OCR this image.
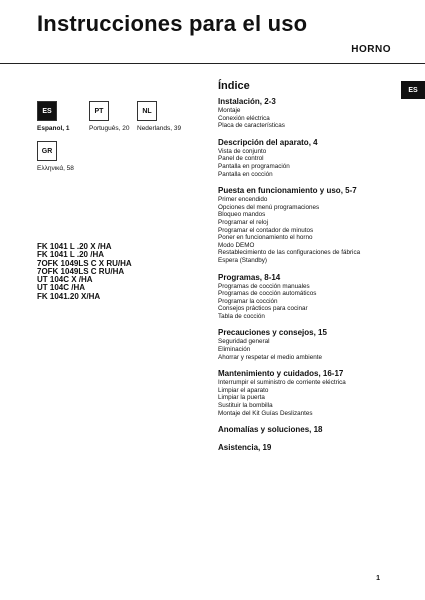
Instrucciones para el uso
HORNO
ES
ES
Espanol, 1
PT
Português, 20
NL
Nederlands, 39
GR
Ελληνικά, 58
FK 1041 L .20 X /HA
FK 1041 L .20 /HA
7OFK 1049LS C X RU/HA
7OFK 1049LS C RU/HA
UT 104C X /HA
UT 104C /HA
FK 1041.20 X/HA
Índice
Instalación, 2-3
Montaje
Conexión eléctrica
Placa de características
Descripción del aparato, 4
Vista de conjunto
Panel de control
Pantalla en programación
Pantalla en cocción
Puesta en funcionamiento y uso, 5-7
Primer encendido
Opciones del menú programaciones
Bloqueo mandos
Programar el reloj
Programar el contador de minutos
Poner en funcionamiento el horno
Modo DEMO
Restablecimiento de las configuraciones de fábrica
Espera (Standby)
Programas, 8-14
Programas de cocción manuales
Programas de cocción automáticos
Programar la cocción
Consejos prácticos para cocinar
Tabla de cocción
Precauciones y consejos, 15
Seguridad general
Eliminación
Ahorrar y respetar el medio ambiente
Mantenimiento y cuidados, 16-17
Interrumpir el suministro de corriente eléctrica
Limpiar el aparato
Limpiar la puerta
Sustituir la bombilla
Montaje del Kit Guías Deslizantes
Anomalías y soluciones, 18
Asistencia, 19
1
